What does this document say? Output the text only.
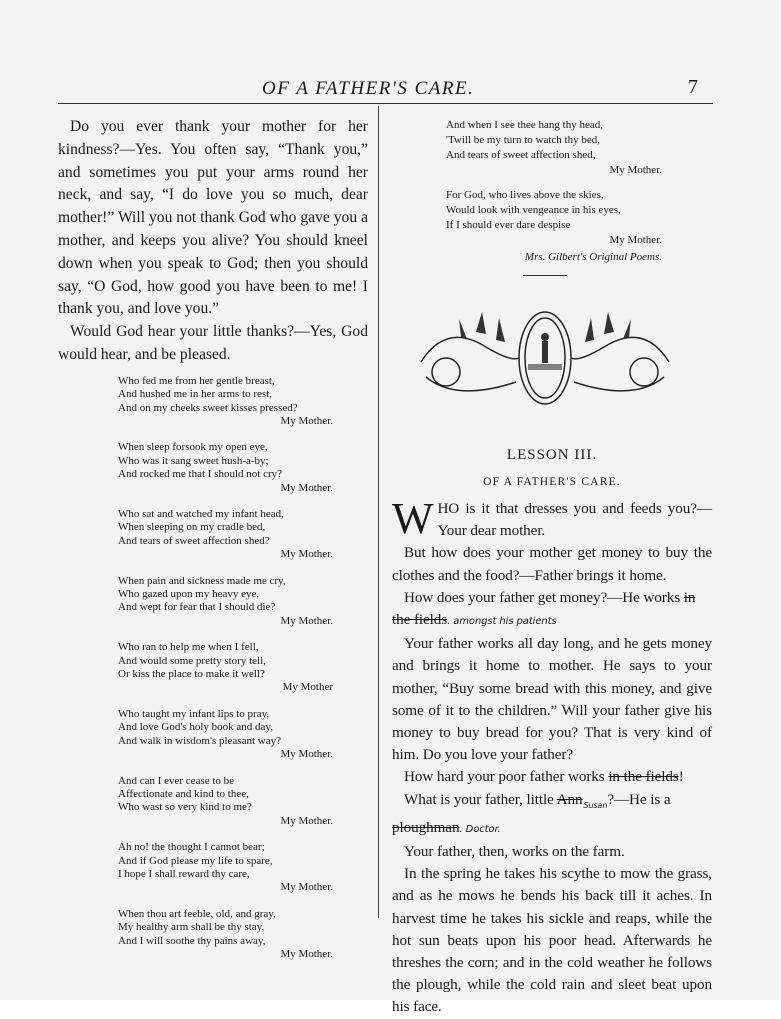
OF A FATHER'S CARE.	7

Do you ever thank your mother for her kindness?—Yes. You often say, “Thank you,” and sometimes you put your arms round her neck, and say, “I do love you so much, dear mother!” Will you not thank God who gave you a mother, and keeps you alive? You should kneel down when you speak to God; then you should say, “O God, how good you have been to me! I thank you, and love you.”

Would God hear your little thanks?—Yes, God would hear, and be pleased.

Who fed me from her gentle breast,
And hushed me in her arms to rest,
And on my cheeks sweet kisses pressed?
My Mother.
When sleep forsook my open eye,
Who was it sang sweet hush-a-by;
And rocked me that I should not cry?
My Mother.
Who sat and watched my infant head,
When sleeping on my cradle bed,
And tears of sweet affection shed?
My Mother.
When pain and sickness made me cry,
Who gazed upon my heavy eye,
And wept for fear that I should die?
My Mother.
Who ran to help me when I fell,
And would some pretty story tell,
Or kiss the place to make it well?
My Mother
Who taught my infant lips to pray,
And love God's holy book and day,
And walk in wisdom's pleasant way?
My Mother.
And can I ever cease to be
Affectionate and kind to thee,
Who wast so very kind to me?
My Mother.
Ah no! the thought I cannot bear;
And if God please my life to spare,
I hope I shall reward thy care,
My Mother.
When thou art feeble, old, and gray,
My healthy arm shall be thy stay,
And I will soothe thy pains away,
My Mother.
And when I see thee hang thy head,
'Twill be my turn to watch thy bed,
And tears of sweet affection shed,
My Mother.
For God, who lives above the skies,
Would look with vengeance in his eyes,
If I should ever dare despise
My Mother.
Mrs. Gilbert's Original Poems.
LESSON III.
OF A FATHER'S CARE.

WHO is it that dresses you and feeds you?—Your dear mother.

But how does your mother get money to buy the clothes and the food?—Father brings it home.

How does your father get money?—He works in the fields. amongst his patients

Your father works all day long, and he gets money and brings it home to mother. He says to your mother, “Buy some bread with this money, and give some of it to the children.” Will your father give his money to buy bread for you? That is very kind of him. Do you love your father?

How hard your poor father works in the fields!

What is your father, little Ann$_{Susan}$?—He is a ploughman. Doctor.

Your father, then, works on the farm.

In the spring he takes his scythe to mow the grass, and as he mows he bends his back till it aches. In harvest time he takes his sickle and reaps, while the hot sun beats upon his poor head. Afterwards he threshes the corn; and in the cold weather he follows the plough, while the cold rain and sleet beat upon his face.
